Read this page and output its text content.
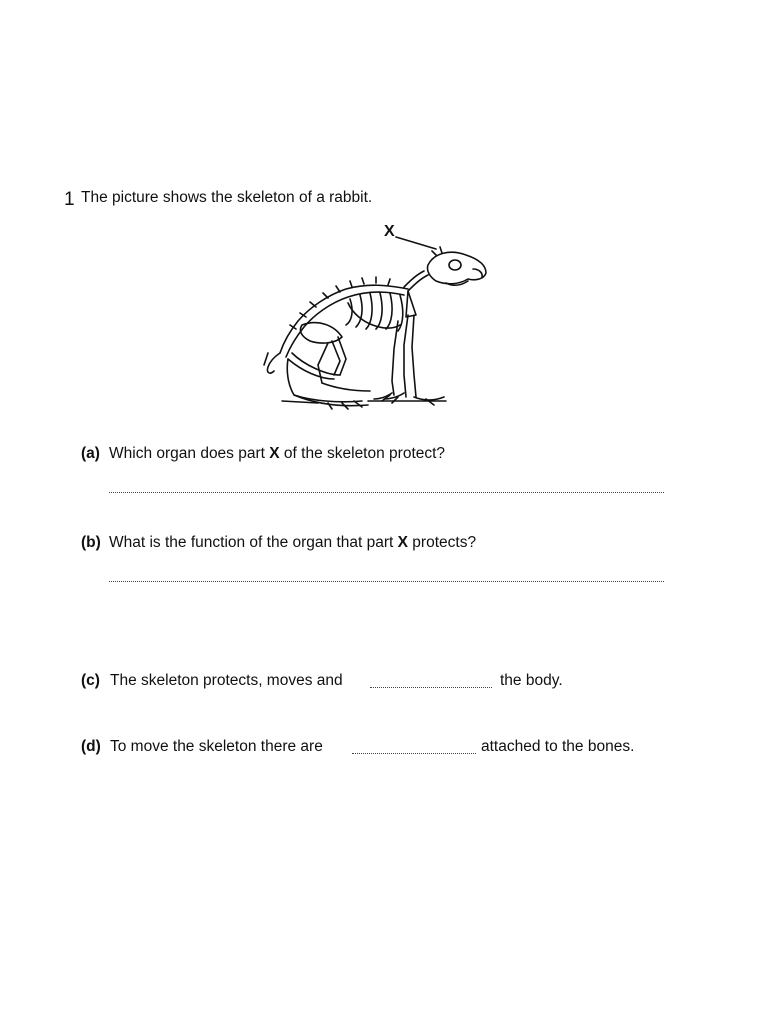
1 The picture shows the skeleton of a rabbit.
X
(a) Which organ does part X of the skeleton protect?
(b) What is the function of the organ that part X protects?
(c) The skeleton protects, moves and	the body.
(d) To move the skeleton there are	attached to the bones.
